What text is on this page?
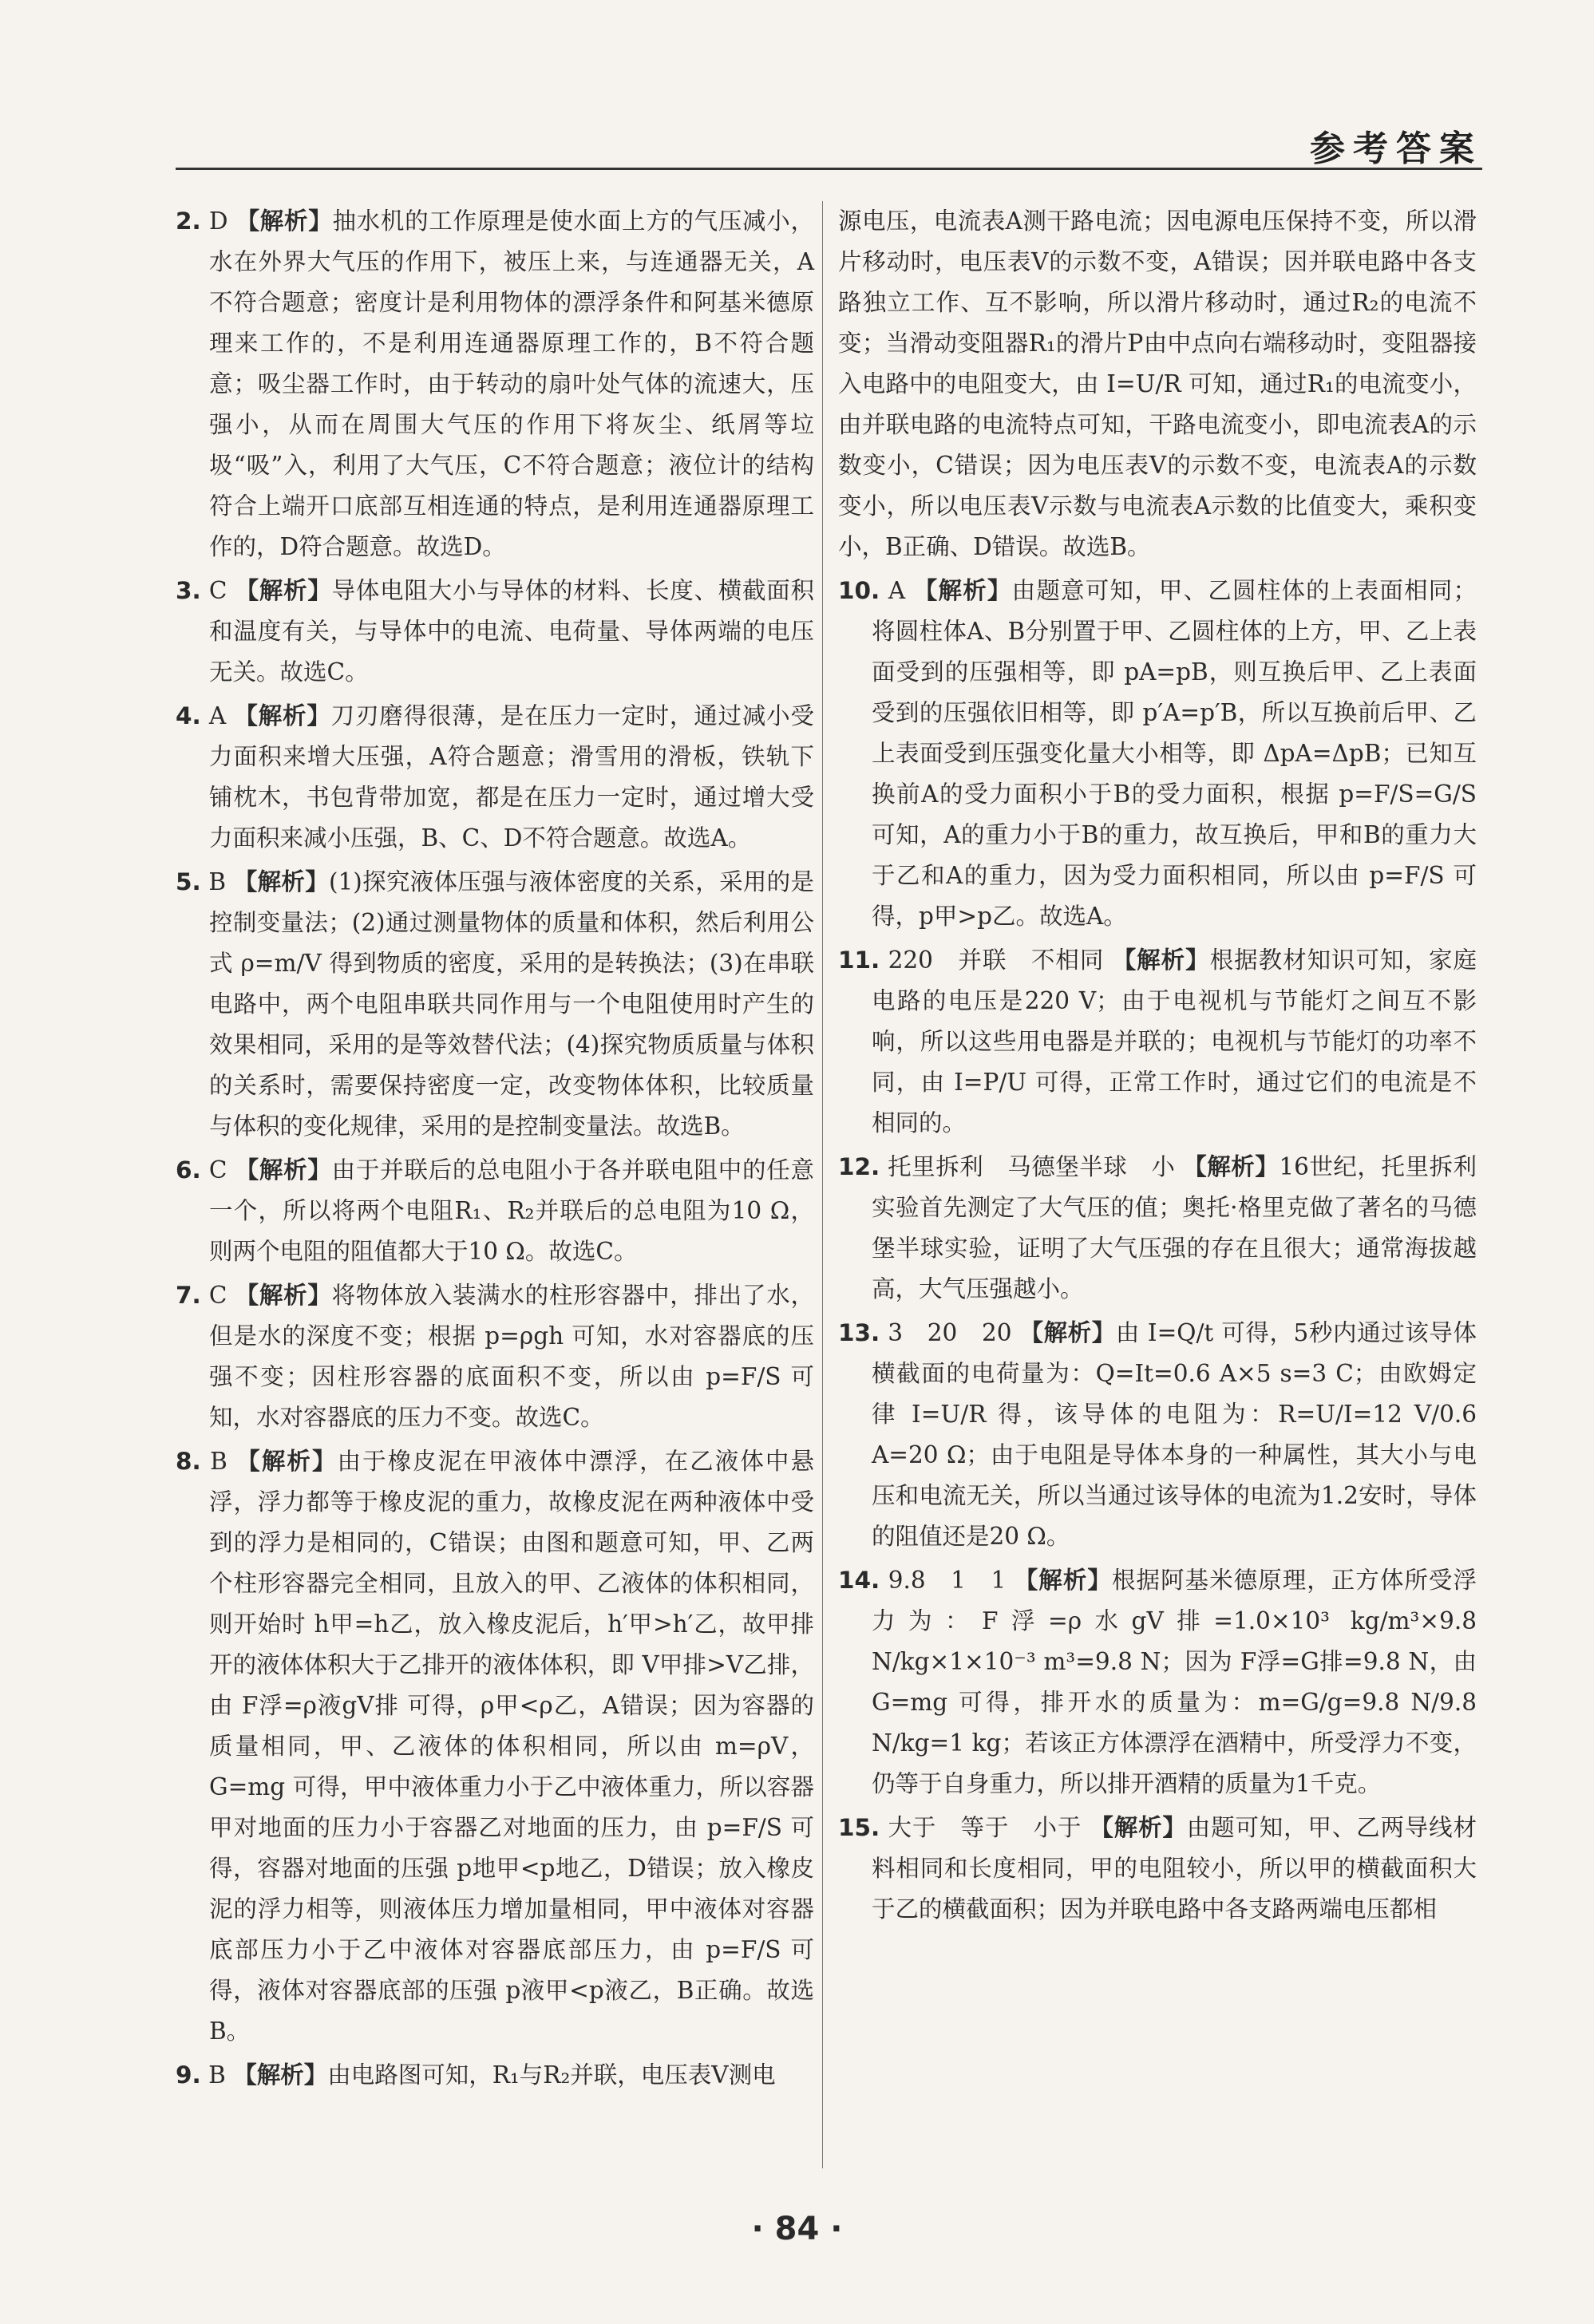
参考答案

2. D 【解析】抽水机的工作原理是使水面上方的气压减小，水在外界大气压的作用下，被压上来，与连通器无关，A不符合题意；密度计是利用物体的漂浮条件和阿基米德原理来工作的，不是利用连通器原理工作的，B不符合题意；吸尘器工作时，由于转动的扇叶处气体的流速大，压强小，从而在周围大气压的作用下将灰尘、纸屑等垃圾“吸”入，利用了大气压，C不符合题意；液位计的结构符合上端开口底部互相连通的特点，是利用连通器原理工作的，D符合题意。故选D。

3. C 【解析】导体电阻大小与导体的材料、长度、横截面积和温度有关，与导体中的电流、电荷量、导体两端的电压无关。故选C。

4. A 【解析】刀刃磨得很薄，是在压力一定时，通过减小受力面积来增大压强，A符合题意；滑雪用的滑板，铁轨下铺枕木，书包背带加宽，都是在压力一定时，通过增大受力面积来减小压强，B、C、D不符合题意。故选A。

5. B 【解析】(1)探究液体压强与液体密度的关系，采用的是控制变量法；(2)通过测量物体的质量和体积，然后利用公式 ρ=m/V 得到物质的密度，采用的是转换法；(3)在串联电路中，两个电阻串联共同作用与一个电阻使用时产生的效果相同，采用的是等效替代法；(4)探究物质质量与体积的关系时，需要保持密度一定，改变物体体积，比较质量与体积的变化规律，采用的是控制变量法。故选B。

6. C 【解析】由于并联后的总电阻小于各并联电阻中的任意一个，所以将两个电阻R₁、R₂并联后的总电阻为10 Ω，则两个电阻的阻值都大于10 Ω。故选C。

7. C 【解析】将物体放入装满水的柱形容器中，排出了水，但是水的深度不变；根据 p=ρgh 可知，水对容器底的压强不变；因柱形容器的底面积不变，所以由 p=F/S 可知，水对容器底的压力不变。故选C。

8. B 【解析】由于橡皮泥在甲液体中漂浮，在乙液体中悬浮，浮力都等于橡皮泥的重力，故橡皮泥在两种液体中受到的浮力是相同的，C错误；由图和题意可知，甲、乙两个柱形容器完全相同，且放入的甲、乙液体的体积相同，则开始时 h甲=h乙，放入橡皮泥后，h′甲>h′乙，故甲排开的液体体积大于乙排开的液体体积，即 V甲排>V乙排，由 F浮=ρ液gV排 可得，ρ甲<ρ乙，A错误；因为容器的质量相同，甲、乙液体的体积相同，所以由 m=ρV，G=mg 可得，甲中液体重力小于乙中液体重力，所以容器甲对地面的压力小于容器乙对地面的压力，由 p=F/S 可得，容器对地面的压强 p地甲<p地乙，D错误；放入橡皮泥的浮力相等，则液体压力增加量相同，甲中液体对容器底部压力小于乙中液体对容器底部压力，由 p=F/S 可得，液体对容器底部的压强 p液甲<p液乙，B正确。故选B。

9. B 【解析】由电路图可知，R₁与R₂并联，电压表V测电

源电压，电流表A测干路电流；因电源电压保持不变，所以滑片移动时，电压表V的示数不变，A错误；因并联电路中各支路独立工作、互不影响，所以滑片移动时，通过R₂的电流不变；当滑动变阻器R₁的滑片P由中点向右端移动时，变阻器接入电路中的电阻变大，由 I=U/R 可知，通过R₁的电流变小，由并联电路的电流特点可知，干路电流变小，即电流表A的示数变小，C错误；因为电压表V的示数不变，电流表A的示数变小，所以电压表V示数与电流表A示数的比值变大，乘积变小，B正确、D错误。故选B。

10. A 【解析】由题意可知，甲、乙圆柱体的上表面相同；将圆柱体A、B分别置于甲、乙圆柱体的上方，甲、乙上表面受到的压强相等，即 pA=pB，则互换后甲、乙上表面受到的压强依旧相等，即 p′A=p′B，所以互换前后甲、乙上表面受到压强变化量大小相等，即 ΔpA=ΔpB；已知互换前A的受力面积小于B的受力面积，根据 p=F/S=G/S 可知，A的重力小于B的重力，故互换后，甲和B的重力大于乙和A的重力，因为受力面积相同，所以由 p=F/S 可得，p甲>p乙。故选A。

11. 220　并联　不相同 【解析】根据教材知识可知，家庭电路的电压是220 V；由于电视机与节能灯之间互不影响，所以这些用电器是并联的；电视机与节能灯的功率不同，由 I=P/U 可得，正常工作时，通过它们的电流是不相同的。

12. 托里拆利　马德堡半球　小 【解析】16世纪，托里拆利实验首先测定了大气压的值；奥托·格里克做了著名的马德堡半球实验，证明了大气压强的存在且很大；通常海拔越高，大气压强越小。

13. 3　20　20 【解析】由 I=Q/t 可得，5秒内通过该导体横截面的电荷量为：Q=It=0.6 A×5 s=3 C；由欧姆定律 I=U/R 得，该导体的电阻为：R=U/I=12 V/0.6 A=20 Ω；由于电阻是导体本身的一种属性，其大小与电压和电流无关，所以当通过该导体的电流为1.2安时，导体的阻值还是20 Ω。

14. 9.8　1　1 【解析】根据阿基米德原理，正方体所受浮力为：F浮=ρ水gV排=1.0×10³ kg/m³×9.8 N/kg×1×10⁻³ m³=9.8 N；因为 F浮=G排=9.8 N，由 G=mg 可得，排开水的质量为：m=G/g=9.8 N/9.8 N/kg=1 kg；若该正方体漂浮在酒精中，所受浮力不变，仍等于自身重力，所以排开酒精的质量为1千克。

15. 大于　等于　小于 【解析】由题可知，甲、乙两导线材料相同和长度相同，甲的电阻较小，所以甲的横截面积大于乙的横截面积；因为并联电路中各支路两端电压都相

· 84 ·
